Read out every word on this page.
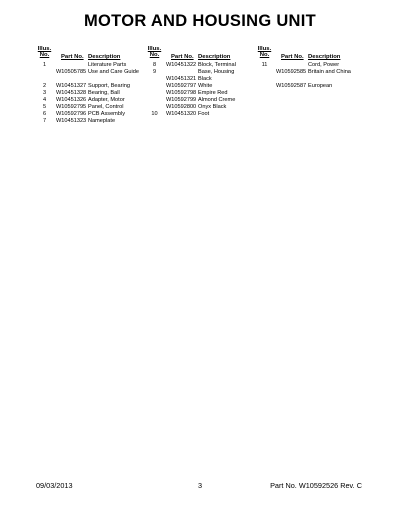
MOTOR AND HOUSING UNIT
Illus.
No.	Part No. Description
1	Literature Parts
W10505785 Use and Care Guide
2	W10451327 Support, Bearing
3	W10451328 Bearing, Ball
4	W10451326 Adapter, Motor
5	W10592795 Panel, Control
6	W10592796 PCB Assembly
7	W10451323 Nameplate
Illus.
No.	Part No. Description
8	W10451322 Block, Terminal
9	Base, Housing
W10451321 Black
W10592797 White
W10592798 Empire Red
W10592799 Almond Creme
W10592800 Onyx Black
10	W10451320 Foot
Illus.
No.	Part No. Description
11	Cord, Power
W10592585 Britain and China
W10592587 European
09/03/2013	3	Part No. W10592526 Rev. C
